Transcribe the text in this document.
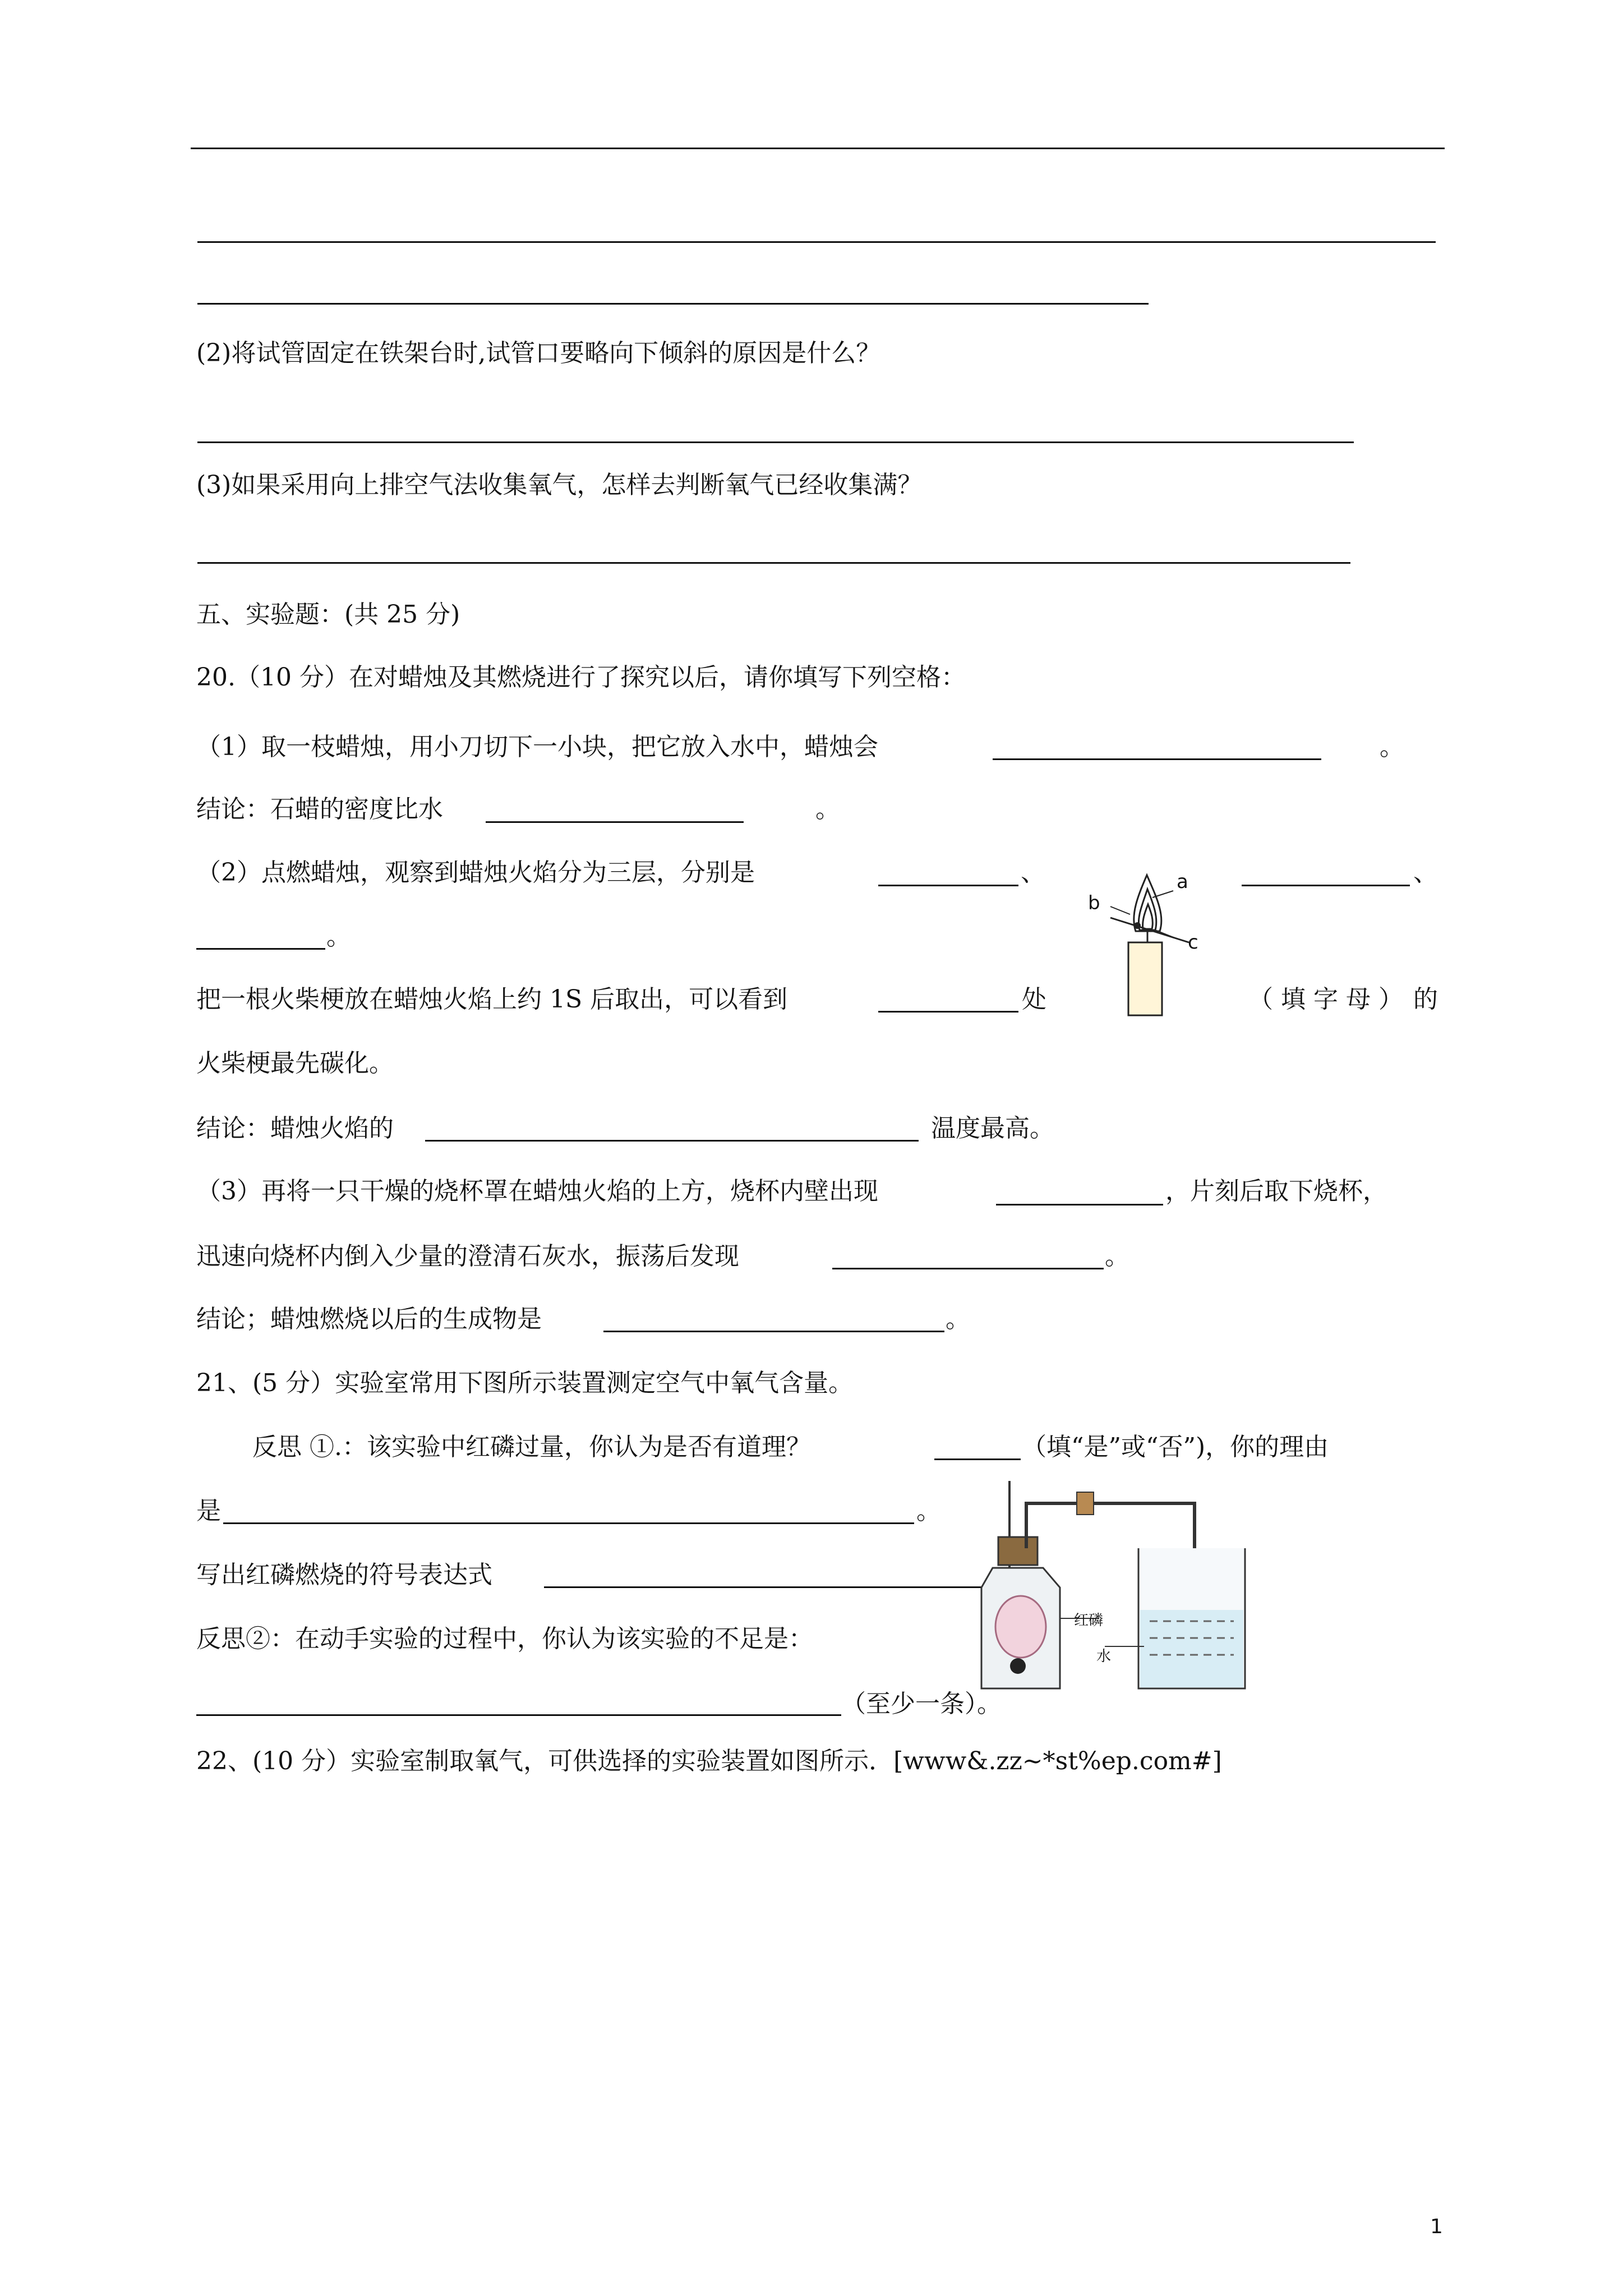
(2)将试管固定在铁架台时,试管口要略向下倾斜的原因是什么？
(3)如果采用向上排空气法收集氧气，怎样去判断氧气已经收集满？
五、实验题：(共 25 分)
20.（10 分）在对蜡烛及其燃烧进行了探究以后，请你填写下列空格：
（1）取一枝蜡烛，用小刀切下一小块，把它放入水中，蜡烛会	。
结论：石蜡的密度比水	。
（2）点燃蜡烛，观察到蜡烛火焰分为三层，分别是	、	、
。
a
b
c
把一根火柴梗放在蜡烛火焰上约 1S 后取出，可以看到	处	（填字母） 的
火柴梗最先碳化。
结论：蜡烛火焰的	温度最高。
（3）再将一只干燥的烧杯罩在蜡烛火焰的上方，烧杯内壁出现	，片刻后取下烧杯，
迅速向烧杯内倒入少量的澄清石灰水，振荡后发现	。
结论；蜡烛燃烧以后的生成物是	。
21、(5 分）实验室常用下图所示装置测定空气中氧气含量。
反思 ①.：该实验中红磷过量，你认为是否有道理？	（填“是”或“否”)，你的理由
是	。
写出红磷燃烧的符号表达式
反思②：在动手实验的过程中，你认为该实验的不足是：
（至少一条）。
红磷
水
22、(10 分）实验室制取氧气，可供选择的实验装置如图所示．[www&.zz~*st%ep.com#]
1
